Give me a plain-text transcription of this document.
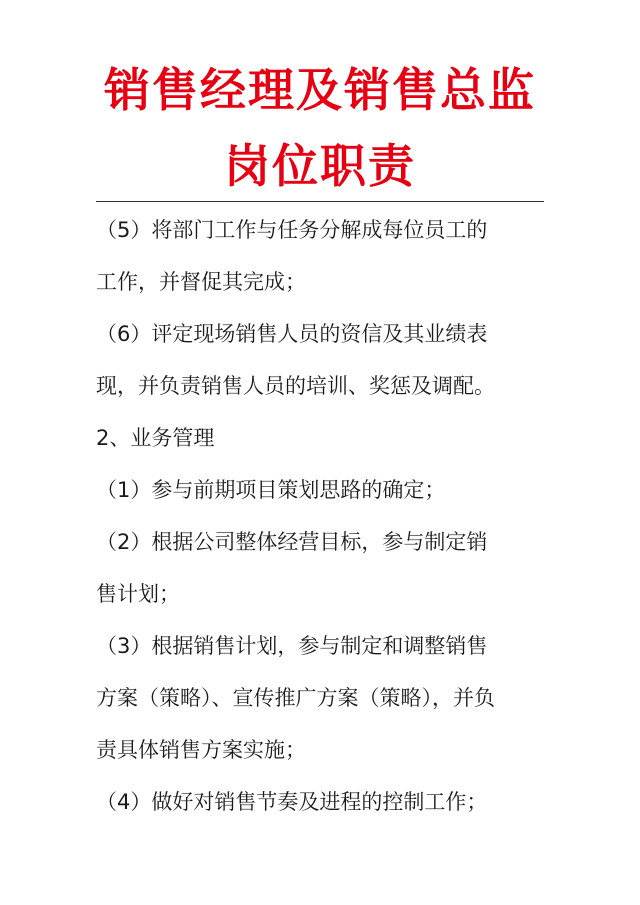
销售经理及销售总监
岗位职责

（5）将部门工作与任务分解成每位员工的

工作，并督促其完成；

（6）评定现场销售人员的资信及其业绩表

现，并负责销售人员的培训、奖惩及调配。

2、业务管理

（1）参与前期项目策划思路的确定；

（2）根据公司整体经营目标，参与制定销

售计划；

（3）根据销售计划，参与制定和调整销售

方案（策略）、宣传推广方案（策略），并负

责具体销售方案实施；

（4）做好对销售节奏及进程的控制工作；
